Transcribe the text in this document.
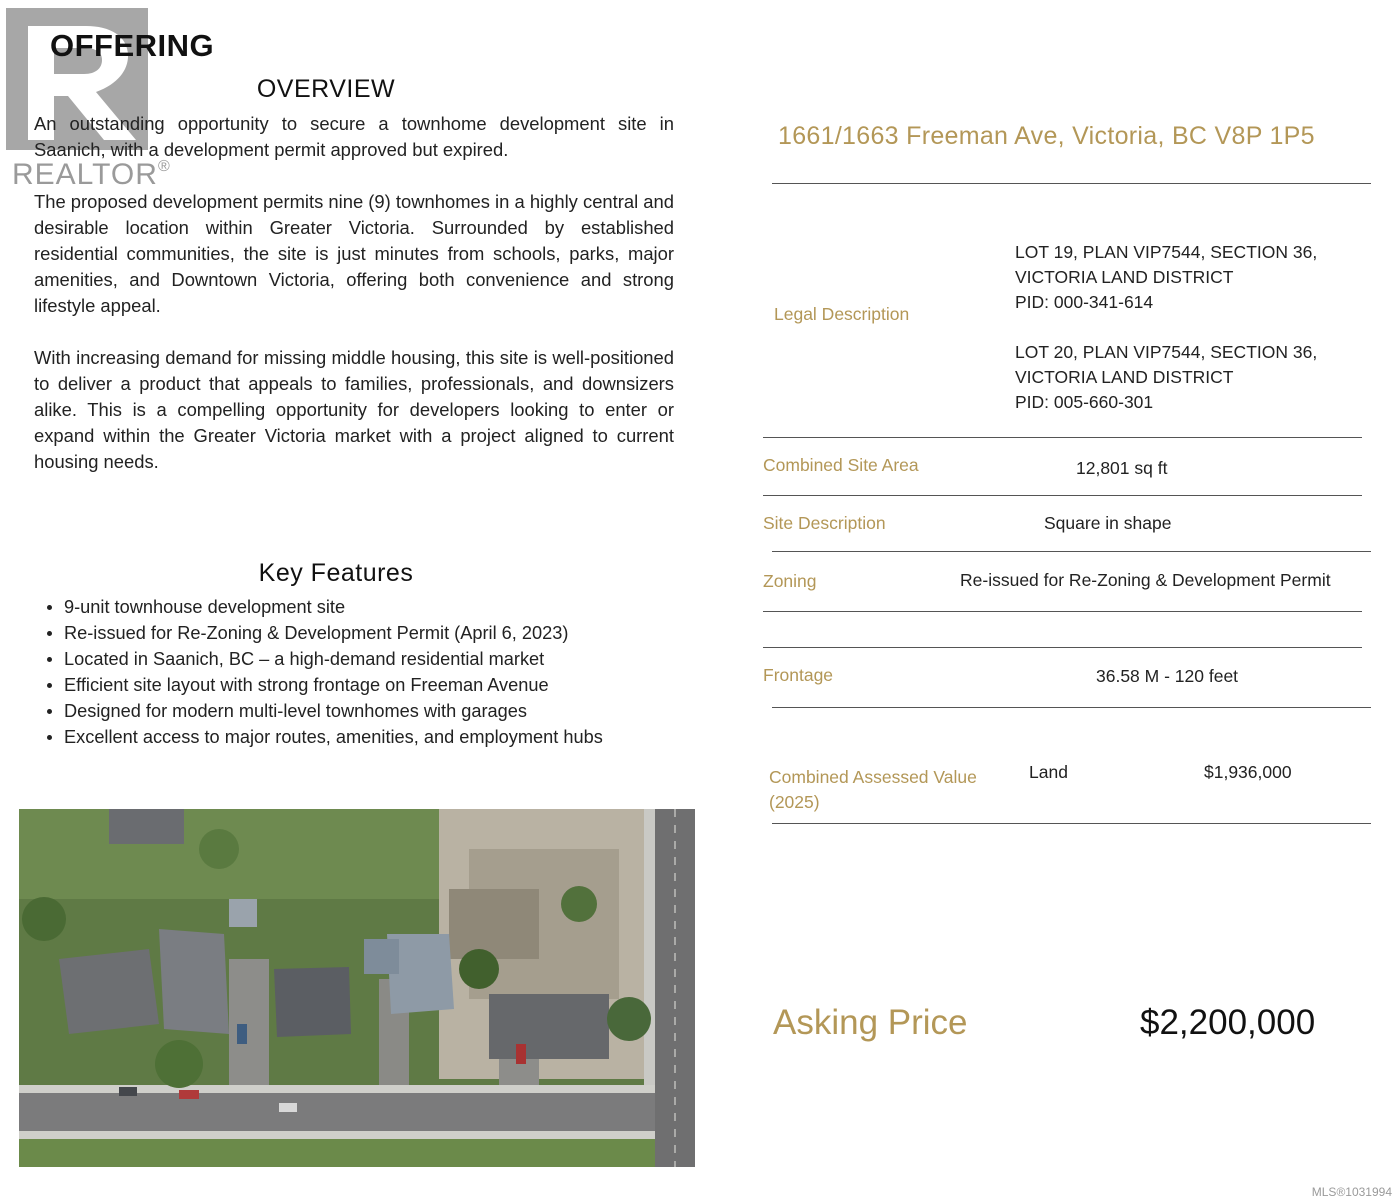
REALTOR®
OFFERING
OVERVIEW

An outstanding opportunity to secure a townhome development site in Saanich, with a development permit approved but expired.

The proposed development permits nine (9) townhomes in a highly central and desirable location within Greater Victoria. Surrounded by established residential communities, the site is just minutes from schools, parks, major amenities, and Downtown Victoria, offering both convenience and strong lifestyle appeal.

With increasing demand for missing middle housing, this site is well-positioned to deliver a product that appeals to families, professionals, and downsizers alike. This is a compelling opportunity for developers looking to enter or expand within the Greater Victoria market with a project aligned to current housing needs.

Key Features
9-unit townhouse development site
Re-issued for Re-Zoning & Development Permit (April 6, 2023)
Located in Saanich, BC – a high-demand residential market
Efficient site layout with strong frontage on Freeman Avenue
Designed for modern multi-level townhomes with garages
Excellent access to major routes, amenities, and employment hubs
1661/1663 Freeman Ave, Victoria, BC V8P 1P5
Legal Description
LOT 19, PLAN VIP7544, SECTION 36,
VICTORIA LAND DISTRICT
PID: 000-341-614
LOT 20, PLAN VIP7544, SECTION 36,
VICTORIA LAND DISTRICT
PID: 005-660-301
Combined Site Area	12,801 sq ft
Site Description	Square in shape
Zoning	Re-issued for Re-Zoning & Development Permit
Frontage	36.58 M - 120 feet
Combined Assessed Value
(2025)
Land	$1,936,000
Asking Price	$2,200,000
MLS®1031994
